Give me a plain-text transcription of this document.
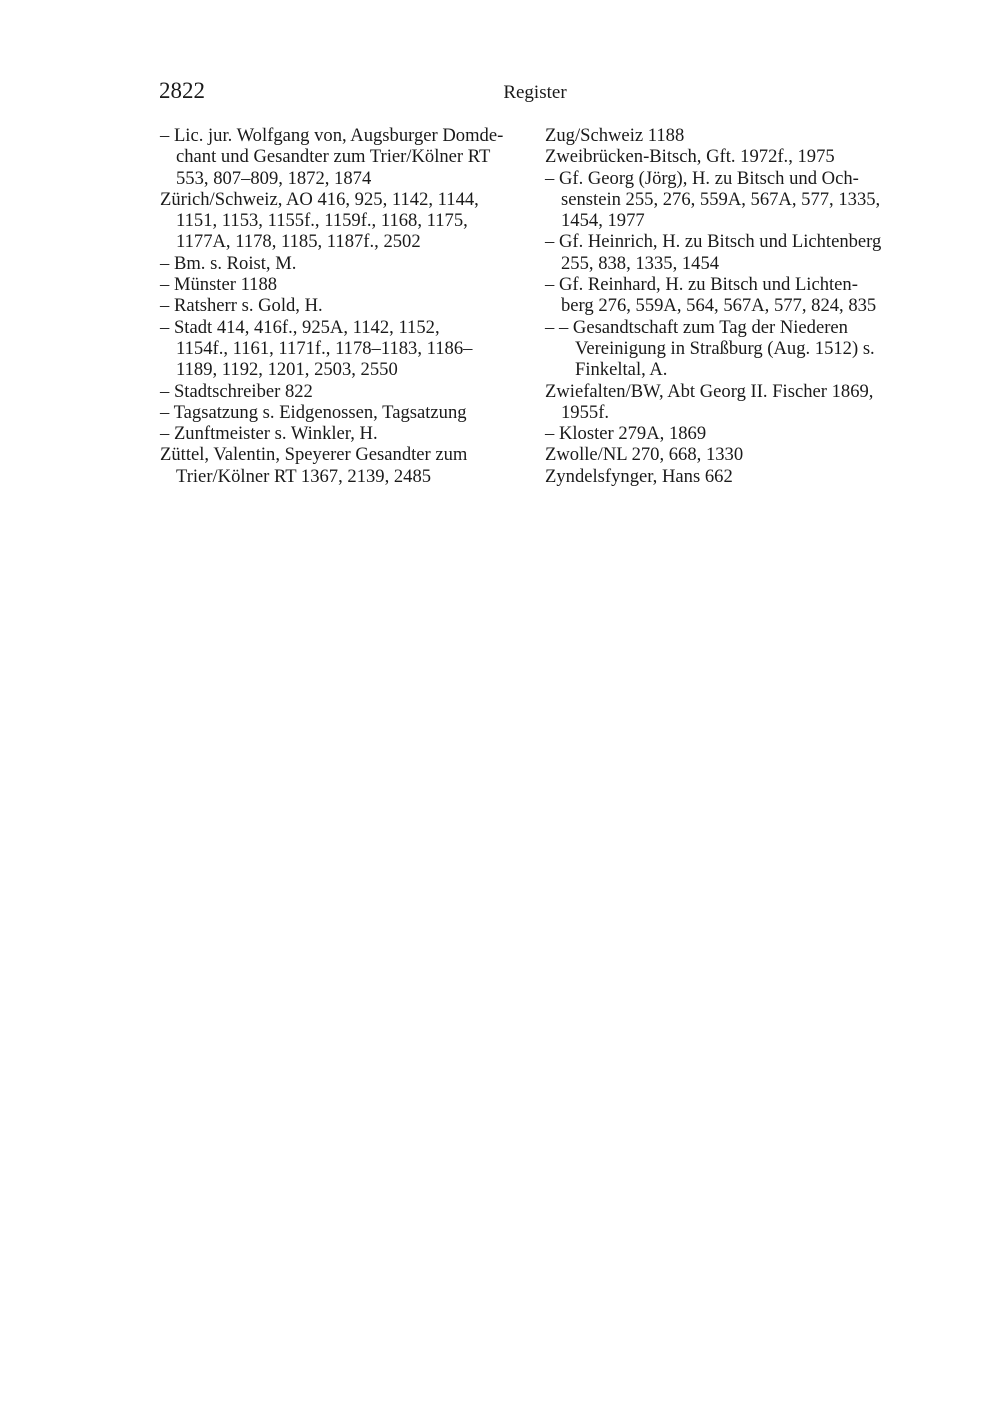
2822	Register
– Lic. jur. Wolfgang von, Augsburger Domde-
chant und Gesandter zum Trier/Kölner RT
553, 807–809, 1872, 1874
Zürich/Schweiz, AO 416, 925, 1142, 1144,
1151, 1153, 1155f., 1159f., 1168, 1175,
1177A, 1178, 1185, 1187f., 2502
– Bm. s. Roist, M.
– Münster 1188
– Ratsherr s. Gold, H.
– Stadt 414, 416f., 925A, 1142, 1152,
1154f., 1161, 1171f., 1178–1183, 1186–
1189, 1192, 1201, 2503, 2550
– Stadtschreiber 822
– Tagsatzung s. Eidgenossen, Tagsatzung
– Zunftmeister s. Winkler, H.
Züttel, Valentin, Speyerer Gesandter zum
Trier/Kölner RT 1367, 2139, 2485
Zug/Schweiz 1188
Zweibrücken-Bitsch, Gft. 1972f., 1975
– Gf. Georg (Jörg), H. zu Bitsch und Och-
senstein 255, 276, 559A, 567A, 577, 1335,
1454, 1977
– Gf. Heinrich, H. zu Bitsch und Lichtenberg
255, 838, 1335, 1454
– Gf. Reinhard, H. zu Bitsch und Lichten-
berg 276, 559A, 564, 567A, 577, 824, 835
– – Gesandtschaft zum Tag der Niederen
Vereinigung in Straßburg (Aug. 1512) s.
Finkeltal, A.
Zwiefalten/BW, Abt Georg II. Fischer 1869,
1955f.
– Kloster 279A, 1869
Zwolle/NL 270, 668, 1330
Zyndelsfynger, Hans 662
